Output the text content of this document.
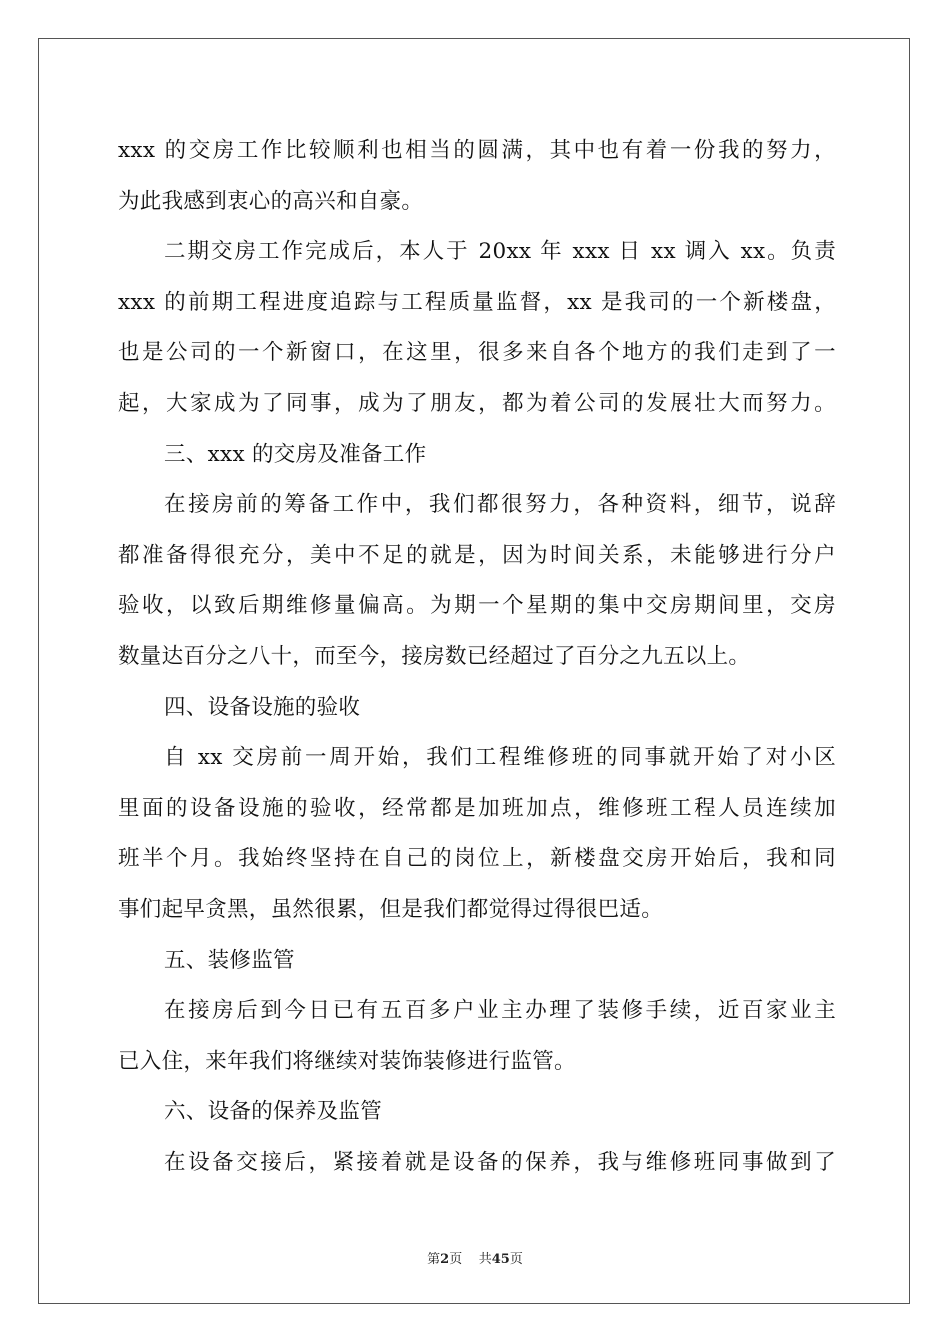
xxx 的交房工作比较顺利也相当的圆满，其中也有着一份我的努力，
为此我感到衷心的高兴和自豪。
二期交房工作完成后，本人于 20xx 年 xxx 日 xx 调入 xx。负责
xxx 的前期工程进度追踪与工程质量监督，xx 是我司的一个新楼盘，
也是公司的一个新窗口，在这里，很多来自各个地方的我们走到了一
起，大家成为了同事，成为了朋友，都为着公司的发展壮大而努力。
三、xxx 的交房及准备工作
在接房前的筹备工作中，我们都很努力，各种资料，细节，说辞
都准备得很充分，美中不足的就是，因为时间关系，未能够进行分户
验收，以致后期维修量偏高。为期一个星期的集中交房期间里，交房
数量达百分之八十，而至今，接房数已经超过了百分之九五以上。
四、设备设施的验收
自 xx 交房前一周开始，我们工程维修班的同事就开始了对小区
里面的设备设施的验收，经常都是加班加点，维修班工程人员连续加
班半个月。我始终坚持在自己的岗位上，新楼盘交房开始后，我和同
事们起早贪黑，虽然很累，但是我们都觉得过得很巴适。
五、装修监管
在接房后到今日已有五百多户业主办理了装修手续，近百家业主
已入住，来年我们将继续对装饰装修进行监管。
六、设备的保养及监管
在设备交接后，紧接着就是设备的保养，我与维修班同事做到了
第2页 共45页
